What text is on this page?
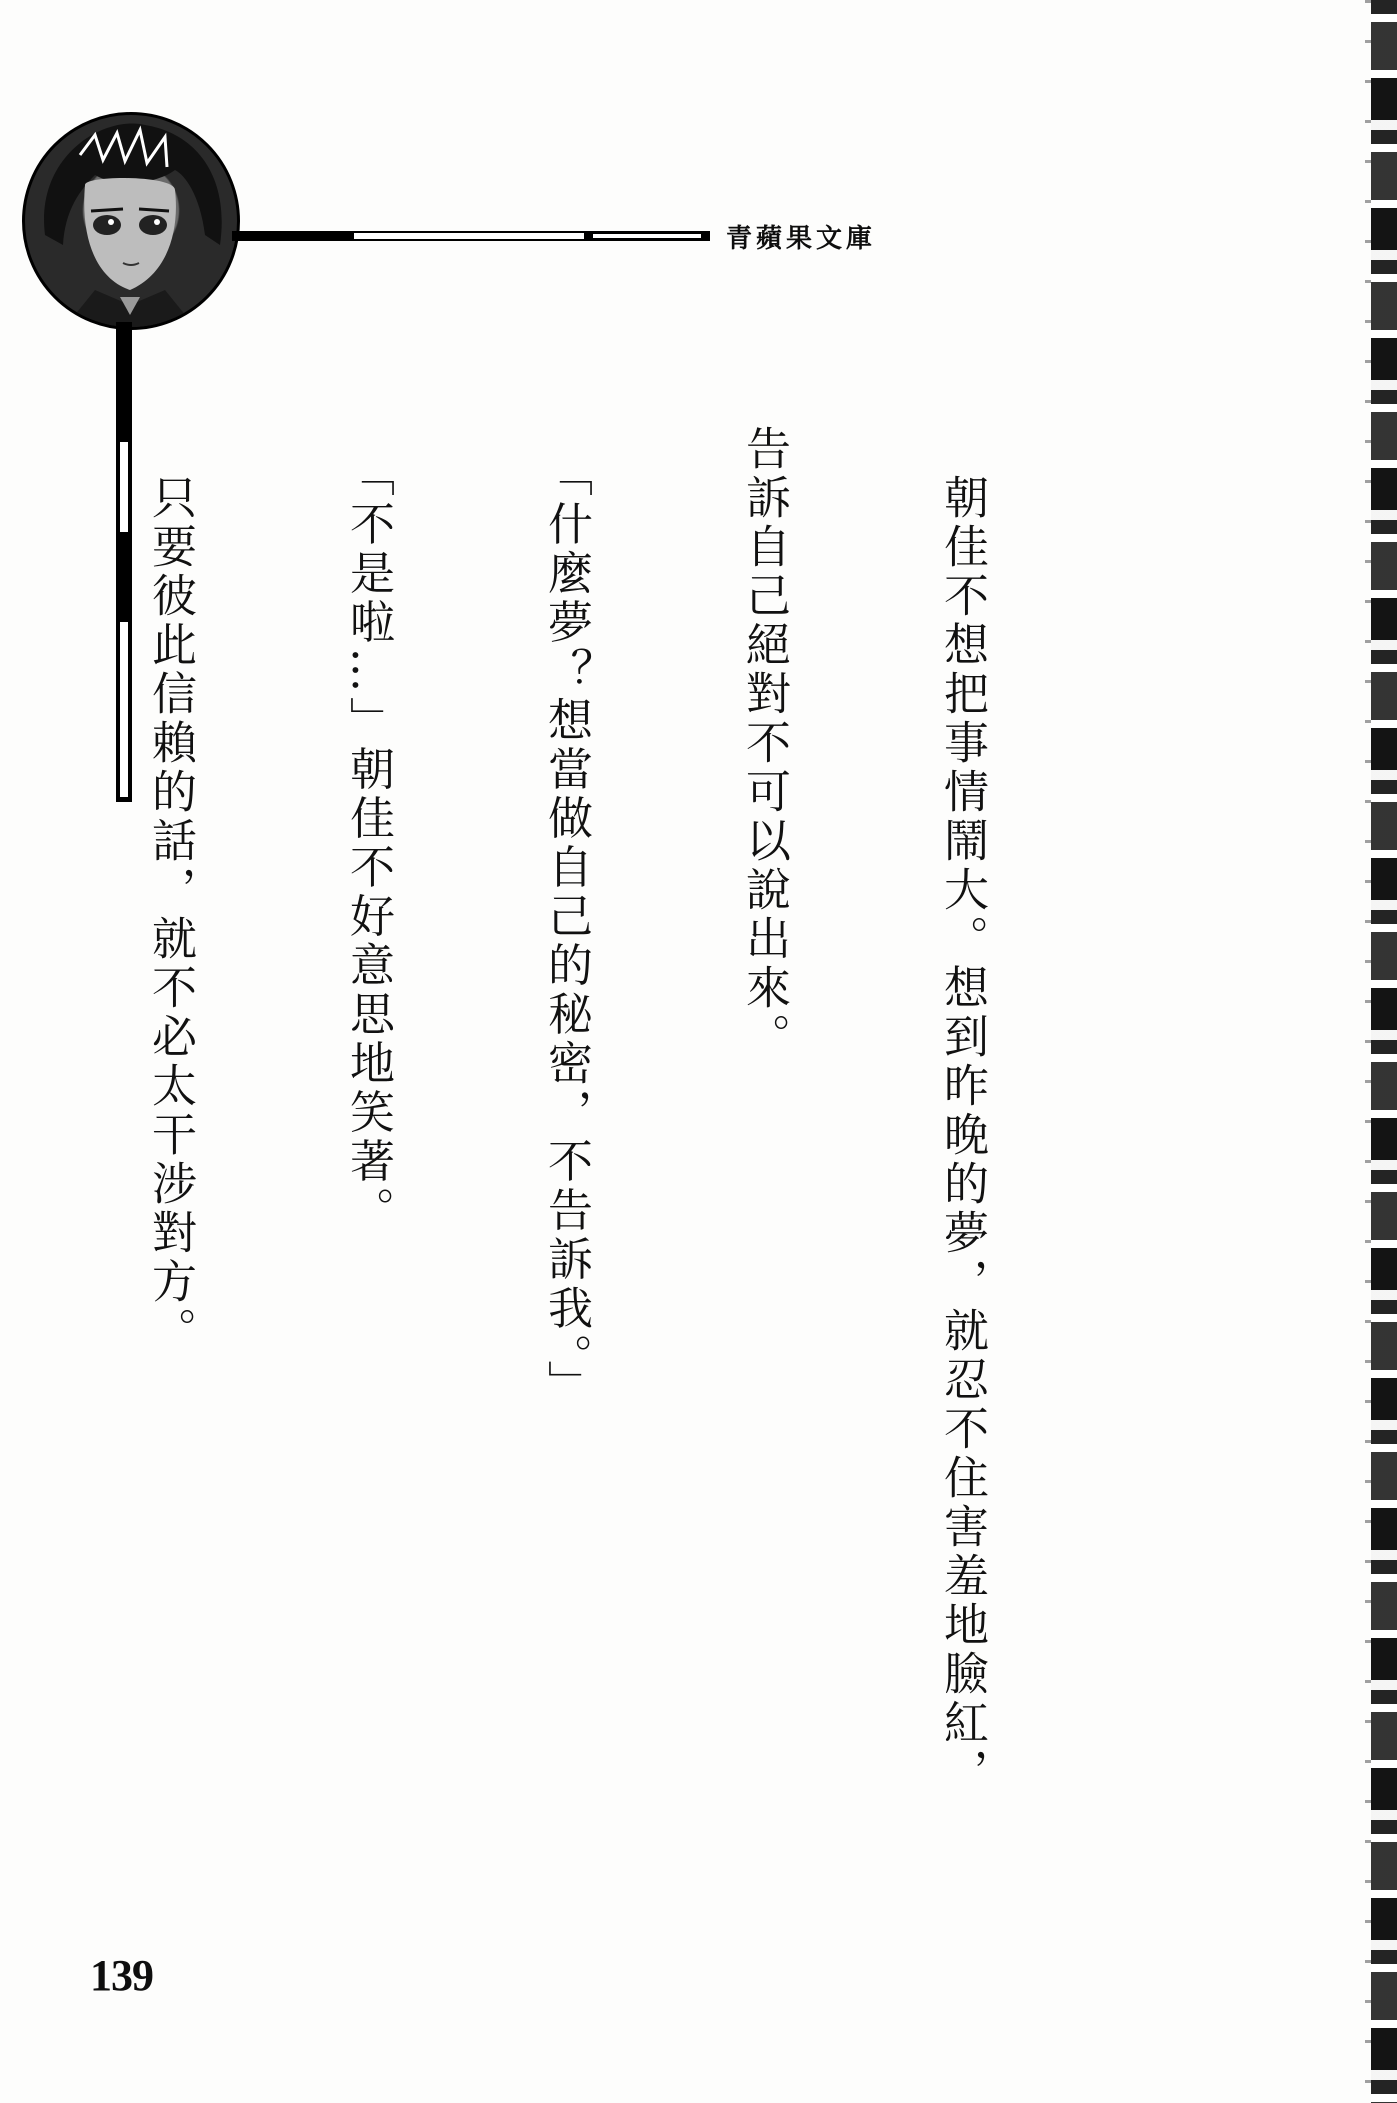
青蘋果文庫

　朝佳不想把事情鬧大。想到昨晚的夢，就忍不住害羞地臉紅，

告訴自己絕對不可以說出來。

　「什麼夢？想當做自己的秘密，不告訴我。」

　「不是啦…」朝佳不好意思地笑著。

　只要彼此信賴的話，就不必太干涉對方。

139
